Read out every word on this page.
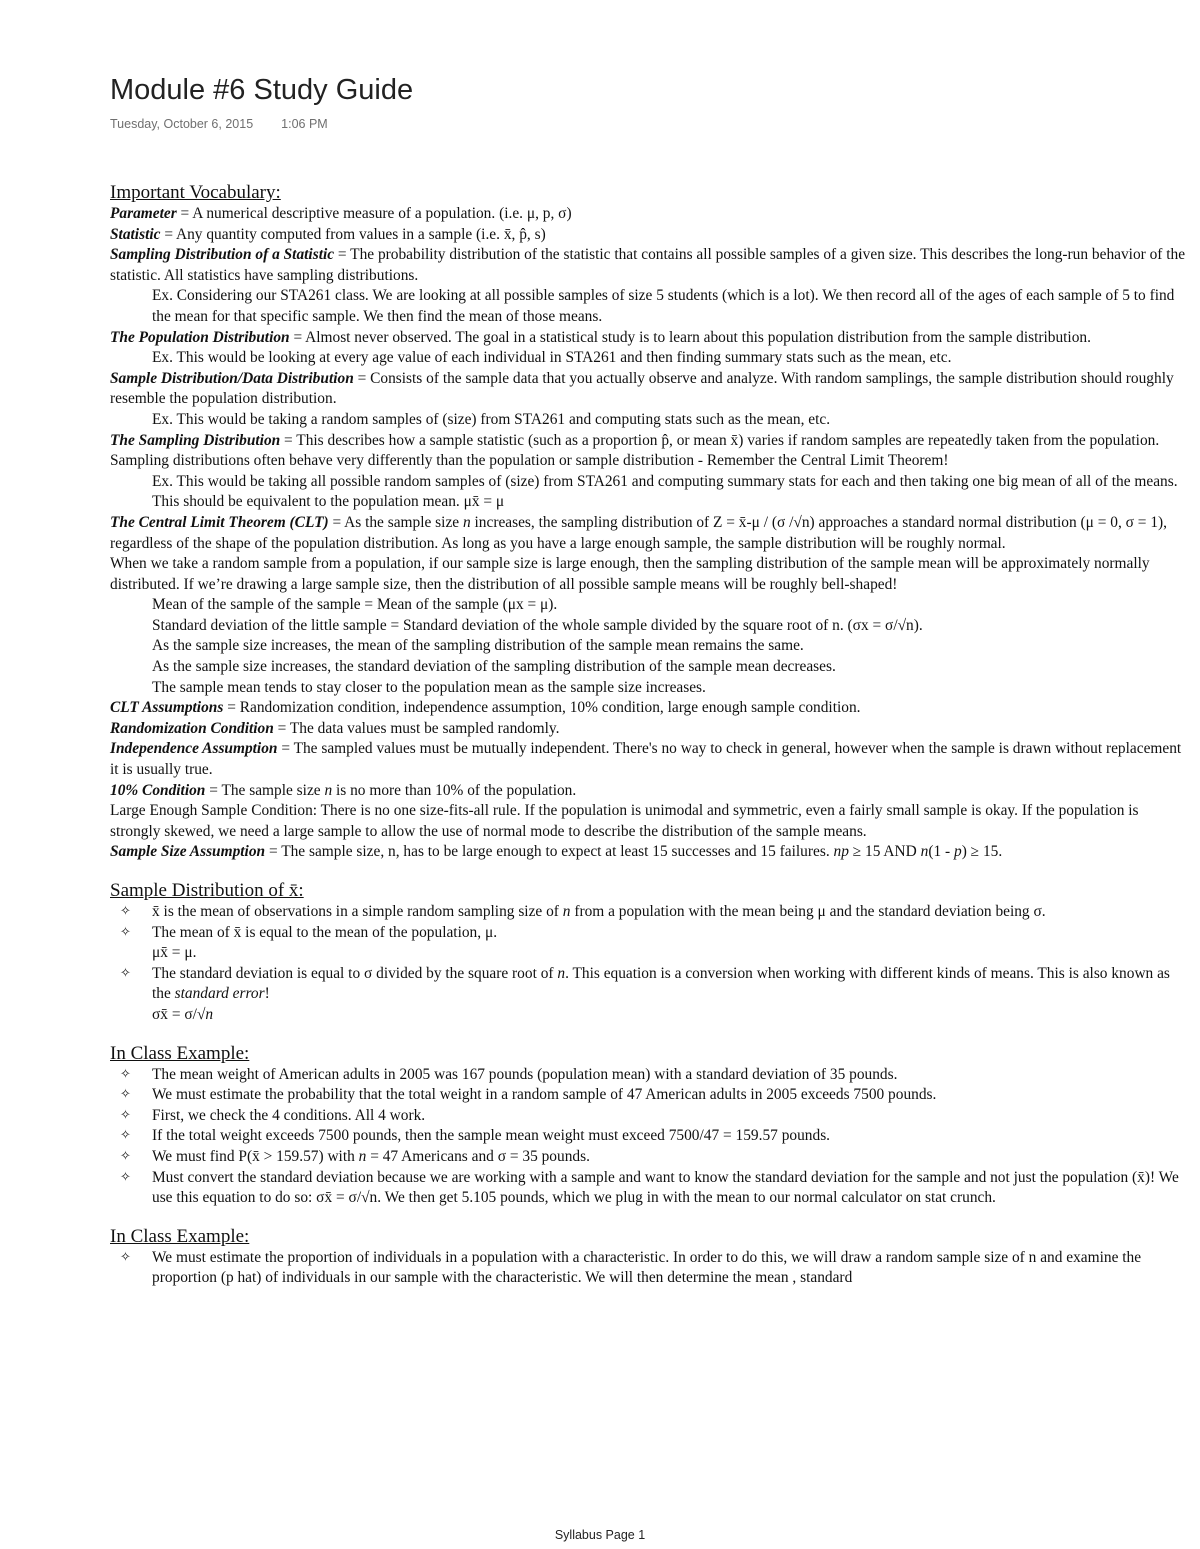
Module #6 Study Guide
Tuesday, October 6, 2015 1:06 PM
Important Vocabulary:
Parameter = A numerical descriptive measure of a population. (i.e. μ, p, σ)
Statistic = Any quantity computed from values in a sample (i.e. x̄, p̂, s)
Sampling Distribution of a Statistic = The probability distribution of the statistic that contains all possible samples of a given size. This describes the long-run behavior of the statistic. All statistics have sampling distributions.
Ex. Considering our STA261 class. We are looking at all possible samples of size 5 students (which is a lot). We then record all of the ages of each sample of 5 to find the mean for that specific sample. We then find the mean of those means.
The Population Distribution = Almost never observed. The goal in a statistical study is to learn about this population distribution from the sample distribution.
Ex. This would be looking at every age value of each individual in STA261 and then finding summary stats such as the mean, etc.
Sample Distribution/Data Distribution = Consists of the sample data that you actually observe and analyze. With random samplings, the sample distribution should roughly resemble the population distribution.
Ex. This would be taking a random samples of (size) from STA261 and computing stats such as the mean, etc.
The Sampling Distribution = This describes how a sample statistic (such as a proportion p̂, or mean x̄) varies if random samples are repeatedly taken from the population. Sampling distributions often behave very differently than the population or sample distribution - Remember the Central Limit Theorem!
Ex. This would be taking all possible random samples of (size) from STA261 and computing summary stats for each and then taking one big mean of all of the means. This should be equivalent to the population mean. μx̄ = μ
The Central Limit Theorem (CLT) = As the sample size n increases, the sampling distribution of Z = x̄-μ / (σ /√n) approaches a standard normal distribution (μ = 0, σ = 1), regardless of the shape of the population distribution. As long as you have a large enough sample, the sample distribution will be roughly normal.
When we take a random sample from a population, if our sample size is large enough, then the sampling distribution of the sample mean will be approximately normally distributed. If we’re drawing a large sample size, then the distribution of all possible sample means will be roughly bell-shaped!
Mean of the sample of the sample = Mean of the sample (μx = μ).
Standard deviation of the little sample = Standard deviation of the whole sample divided by the square root of n. (σx = σ/√n).
As the sample size increases, the mean of the sampling distribution of the sample mean remains the same.
As the sample size increases, the standard deviation of the sampling distribution of the sample mean decreases.
The sample mean tends to stay closer to the population mean as the sample size increases.
CLT Assumptions = Randomization condition, independence assumption, 10% condition, large enough sample condition.
Randomization Condition = The data values must be sampled randomly.
Independence Assumption = The sampled values must be mutually independent. There's no way to check in general, however when the sample is drawn without replacement it is usually true.
10% Condition = The sample size n is no more than 10% of the population.
Large Enough Sample Condition: There is no one size-fits-all rule. If the population is unimodal and symmetric, even a fairly small sample is okay. If the population is strongly skewed, we need a large sample to allow the use of normal mode to describe the distribution of the sample means.
Sample Size Assumption = The sample size, n, has to be large enough to expect at least 15 successes and 15 failures. np ≥ 15 AND n(1 - p) ≥ 15.
Sample Distribution of x̄:
✧ x̄ is the mean of observations in a simple random sampling size of n from a population with the mean being μ and the standard deviation being σ.
✧ The mean of x̄ is equal to the mean of the population, μ.
μx̄ = μ.
✧ The standard deviation is equal to σ divided by the square root of n. This equation is a conversion when working with different kinds of means. This is also known as the standard error!
σx̄ = σ/√n
In Class Example:
✧ The mean weight of American adults in 2005 was 167 pounds (population mean) with a standard deviation of 35 pounds.
✧ We must estimate the probability that the total weight in a random sample of 47 American adults in 2005 exceeds 7500 pounds.
✧ First, we check the 4 conditions. All 4 work.
✧ If the total weight exceeds 7500 pounds, then the sample mean weight must exceed 7500/47 = 159.57 pounds.
✧ We must find P(x̄ > 159.57) with n = 47 Americans and σ = 35 pounds.
✧ Must convert the standard deviation because we are working with a sample and want to know the standard deviation for the sample and not just the population (x̄)! We use this equation to do so: σx̄ = σ/√n. We then get 5.105 pounds, which we plug in with the mean to our normal calculator on stat crunch.
In Class Example:
✧ We must estimate the proportion of individuals in a population with a characteristic. In order to do this, we will draw a random sample size of n and examine the proportion (p hat) of individuals in our sample with the characteristic. We will then determine the mean , standard
Syllabus Page 1
